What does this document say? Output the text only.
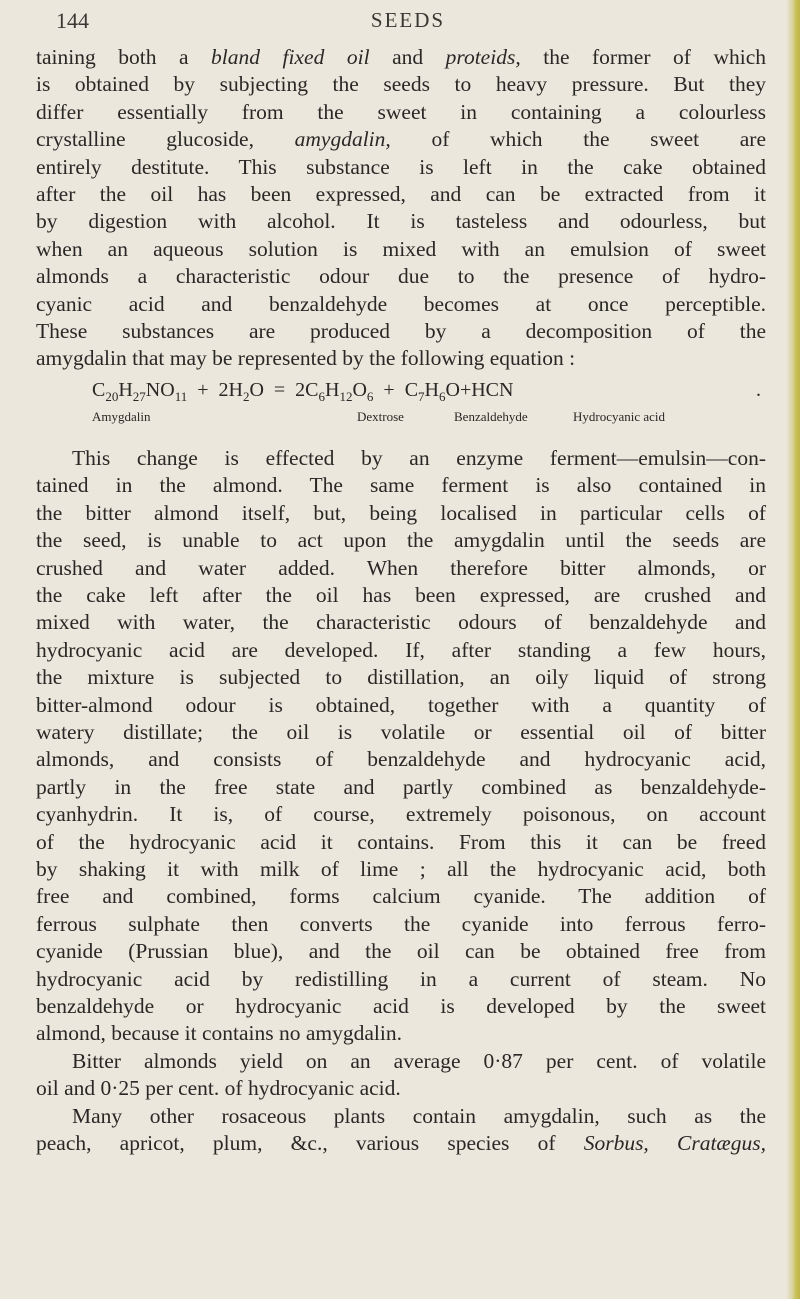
144	SEEDS
taining both a bland fixed oil and proteids, the former of which
is obtained by subjecting the seeds to heavy pressure. But they
differ essentially from the sweet in containing a colourless
crystalline glucoside, amygdalin, of which the sweet are
entirely destitute. This substance is left in the cake obtained
after the oil has been expressed, and can be extracted from it
by digestion with alcohol. It is tasteless and odourless, but
when an aqueous solution is mixed with an emulsion of sweet
almonds a characteristic odour due to the presence of hydro-
cyanic acid and benzaldehyde becomes at once perceptible.
These substances are produced by a decomposition of the
amygdalin that may be represented by the following equation :
$C_{20}H_{27}NO_{11} + 2H_2O = 2C_6H_{12}O_6 + C_7H_6O+HCN$	.
Amygdalin	Dextrose	Benzaldehyde	Hydrocyanic acid
This change is effected by an enzyme ferment—emulsin—con-
tained in the almond. The same ferment is also contained in
the bitter almond itself, but, being localised in particular cells of
the seed, is unable to act upon the amygdalin until the seeds are
crushed and water added. When therefore bitter almonds, or
the cake left after the oil has been expressed, are crushed and
mixed with water, the characteristic odours of benzaldehyde and
hydrocyanic acid are developed. If, after standing a few hours,
the mixture is subjected to distillation, an oily liquid of strong
bitter-almond odour is obtained, together with a quantity of
watery distillate; the oil is volatile or essential oil of bitter
almonds, and consists of benzaldehyde and hydrocyanic acid,
partly in the free state and partly combined as benzaldehyde-
cyanhydrin. It is, of course, extremely poisonous, on account
of the hydrocyanic acid it contains. From this it can be freed
by shaking it with milk of lime ; all the hydrocyanic acid, both
free and combined, forms calcium cyanide. The addition of
ferrous sulphate then converts the cyanide into ferrous ferro-
cyanide (Prussian blue), and the oil can be obtained free from
hydrocyanic acid by redistilling in a current of steam. No
benzaldehyde or hydrocyanic acid is developed by the sweet
almond, because it contains no amygdalin.
Bitter almonds yield on an average 0·87 per cent. of volatile
oil and 0·25 per cent. of hydrocyanic acid.
Many other rosaceous plants contain amygdalin, such as the
peach, apricot, plum, &c., various species of Sorbus, Cratægus,
